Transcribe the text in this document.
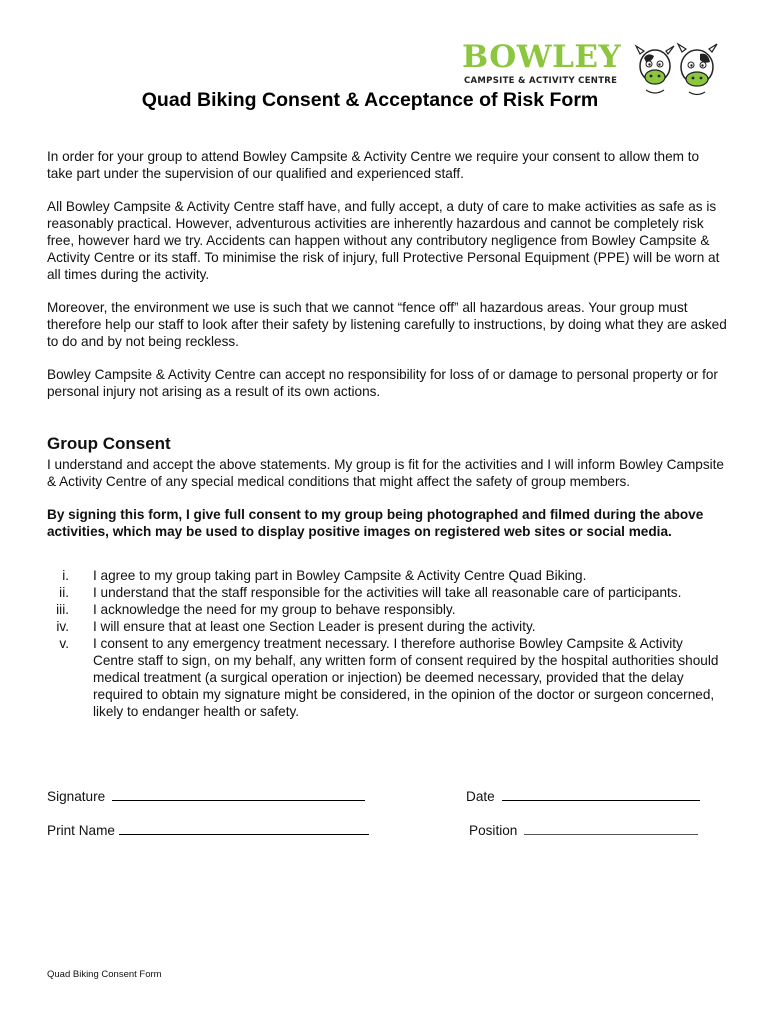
BOWLEY
CAMPSITE & ACTIVITY CENTRE
Quad Biking Consent & Acceptance of Risk Form

In order for your group to attend Bowley Campsite & Activity Centre we require your consent to allow them to take part under the supervision of our qualified and experienced staff.

All Bowley Campsite & Activity Centre staff have, and fully accept, a duty of care to make activities as safe as is reasonably practical. However, adventurous activities are inherently hazardous and cannot be completely risk free, however hard we try. Accidents can happen without any contributory negligence from Bowley Campsite & Activity Centre or its staff. To minimise the risk of injury, full Protective Personal Equipment (PPE) will be worn at all times during the activity.

Moreover, the environment we use is such that we cannot “fence off” all hazardous areas. Your group must therefore help our staff to look after their safety by listening carefully to instructions, by doing what they are asked to do and by not being reckless.

Bowley Campsite & Activity Centre can accept no responsibility for loss of or damage to personal property or for personal injury not arising as a result of its own actions.

Group Consent

I understand and accept the above statements. My group is fit for the activities and I will inform Bowley Campsite & Activity Centre of any special medical conditions that might affect the safety of group members.

By signing this form, I give full consent to my group being photographed and filmed during the above activities, which may be used to display positive images on registered web sites or social media.

i. I agree to my group taking part in Bowley Campsite & Activity Centre Quad Biking.
ii. I understand that the staff responsible for the activities will take all reasonable care of participants.
iii. I acknowledge the need for my group to behave responsibly.
iv. I will ensure that at least one Section Leader is present during the activity.
v. I consent to any emergency treatment necessary. I therefore authorise Bowley Campsite & Activity Centre staff to sign, on my behalf, any written form of consent required by the hospital authorities should medical treatment (a surgical operation or injection) be deemed necessary, provided that the delay required to obtain my signature might be considered, in the opinion of the doctor or surgeon concerned, likely to endanger health or safety.
Signature	Date
Print Name	Position
Quad Biking Consent Form
